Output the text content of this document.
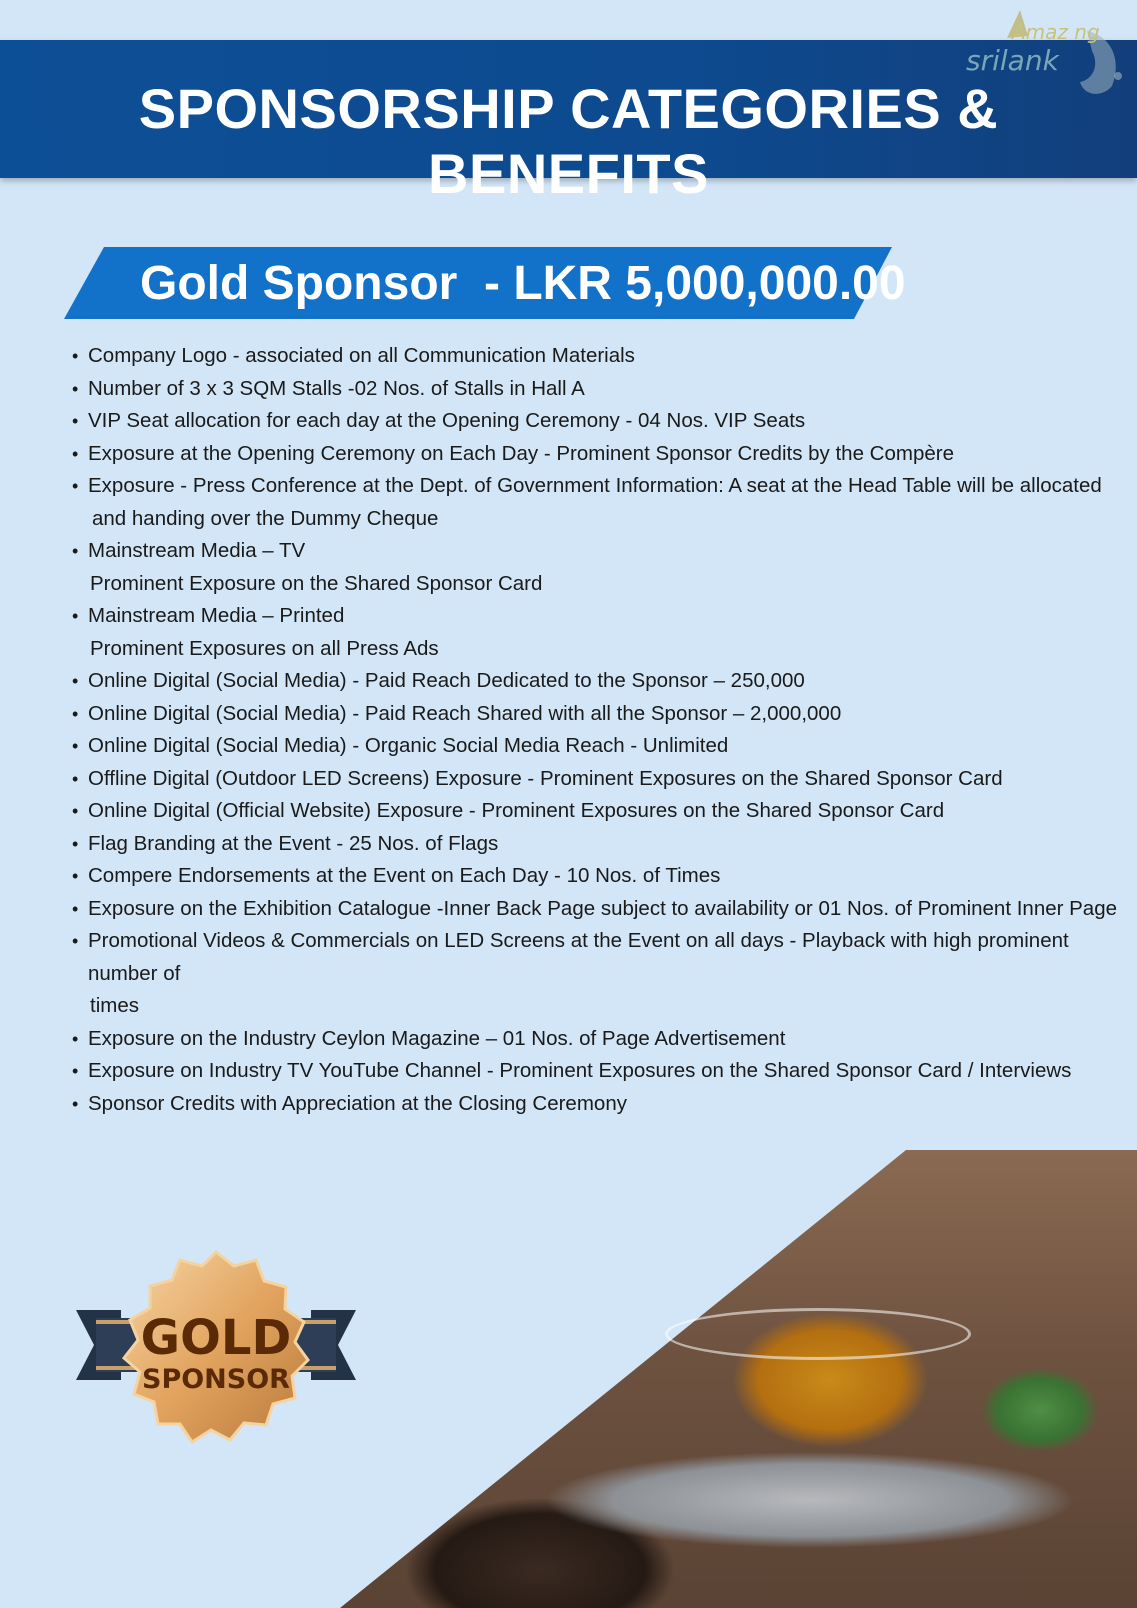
SPONSORSHIP CATEGORIES & BENEFITS
Amaz ng
srilank
Gold Sponsor  - LKR 5,000,000.00
• Company Logo - associated on all Communication Materials
• Number of 3 x 3 SQM Stalls -02 Nos. of Stalls in Hall A
• VIP Seat allocation for each day at the Opening Ceremony - 04 Nos. VIP Seats
• Exposure at the Opening Ceremony on Each Day - Prominent Sponsor Credits by the Compère
• Exposure - Press Conference at the Dept. of Government Information: A seat at the Head Table will be allocated
and handing over the Dummy Cheque
• Mainstream Media – TV
Prominent Exposure on the Shared Sponsor Card
• Mainstream Media – Printed
Prominent Exposures on all Press Ads
• Online Digital (Social Media) - Paid Reach Dedicated to the Sponsor – 250,000
• Online Digital (Social Media) - Paid Reach Shared with all the Sponsor – 2,000,000
• Online Digital (Social Media) - Organic Social Media Reach - Unlimited
• Offline Digital (Outdoor LED Screens) Exposure - Prominent Exposures on the Shared Sponsor Card
• Online Digital (Official Website) Exposure - Prominent Exposures on the Shared Sponsor Card
• Flag Branding at the Event - 25 Nos. of Flags
• Compere Endorsements at the Event on Each Day - 10 Nos. of Times
• Exposure on the Exhibition Catalogue -Inner Back Page subject to availability or 01 Nos. of Prominent Inner Page
• Promotional Videos & Commercials on LED Screens at the Event on all days - Playback with high prominent number of
times
• Exposure on the Industry Ceylon Magazine – 01 Nos. of Page Advertisement
• Exposure on Industry TV YouTube Channel - Prominent Exposures on the Shared Sponsor Card / Interviews
• Sponsor Credits with Appreciation at the Closing Ceremony
GOLD
SPONSOR
